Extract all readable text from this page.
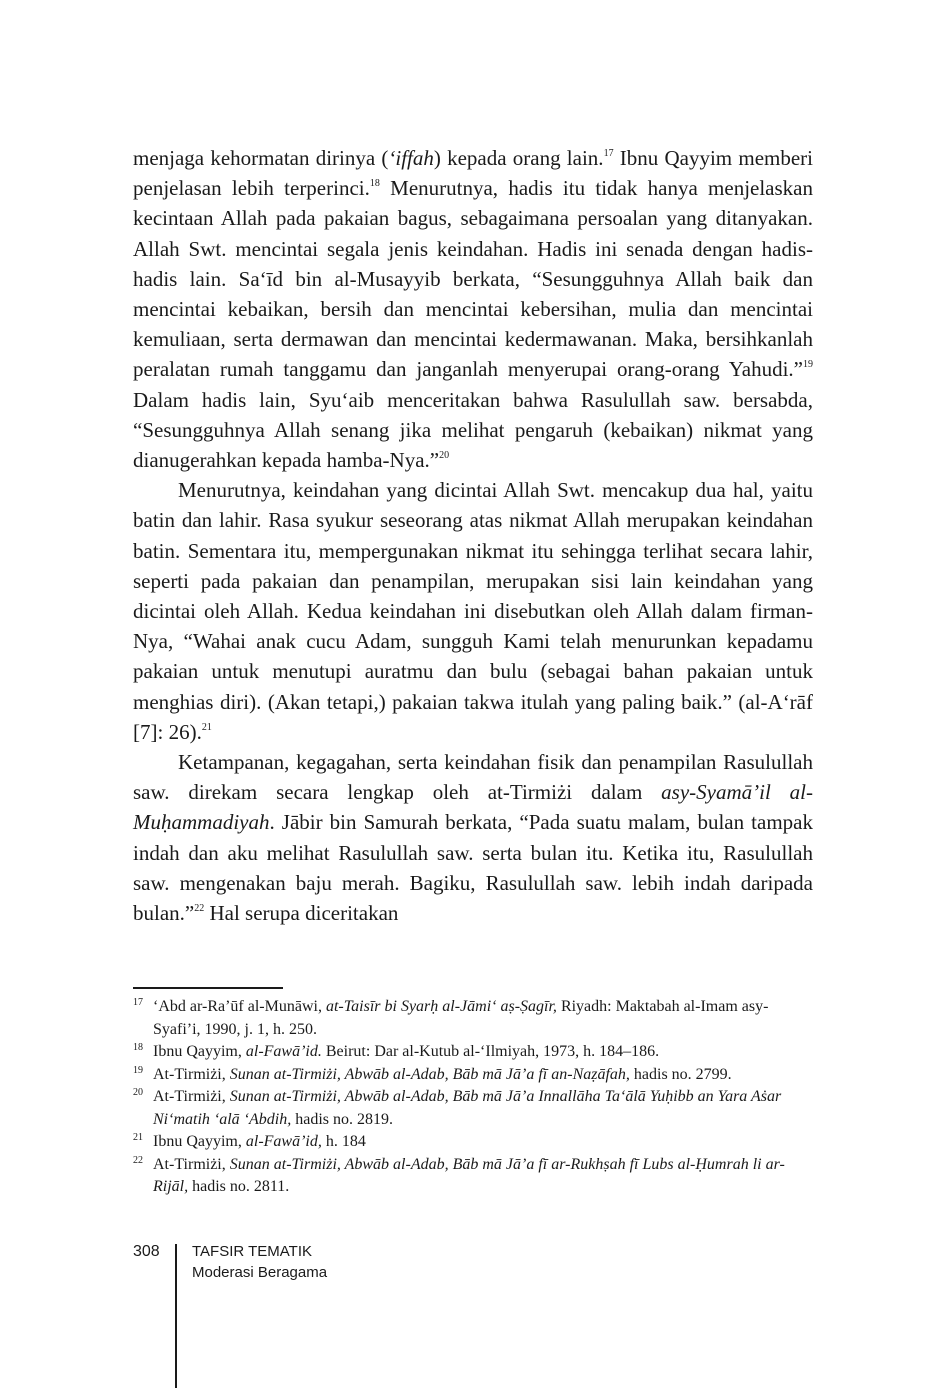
menjaga kehormatan dirinya (‘iffah) kepada orang lain.$^{17}$ Ibnu Qayyim memberi penjelasan lebih terperinci.$^{18}$ Menurutnya, hadis itu tidak hanya menjelaskan kecintaan Allah pada pakaian bagus, sebagaimana persoalan yang ditanyakan. Allah Swt. mencintai segala jenis keindahan. Hadis ini senada dengan hadis-hadis lain. Sa‘īd bin al-Musayyib berkata, “Sesungguhnya Allah baik dan mencintai kebaikan, bersih dan mencintai kebersihan, mulia dan mencintai kemuliaan, serta dermawan dan mencintai kedermawanan. Maka, bersihkanlah peralatan rumah tanggamu dan janganlah menyerupai orang-orang Yahudi.”$^{19}$ Dalam hadis lain, Syu‘aib menceritakan bahwa Rasulullah saw. bersabda, “Sesungguhnya Allah senang jika melihat pengaruh (kebaikan) nikmat yang dianugerahkan kepada hamba-Nya.”$^{20}$

Menurutnya, keindahan yang dicintai Allah Swt. mencakup dua hal, yaitu batin dan lahir. Rasa syukur seseorang atas nikmat Allah merupakan keindahan batin. Sementara itu, mempergunakan nikmat itu sehingga terlihat secara lahir, seperti pada pakaian dan penampilan, merupakan sisi lain keindahan yang dicintai oleh Allah. Kedua keindahan ini disebutkan oleh Allah dalam firman-Nya, “Wahai anak cucu Adam, sungguh Kami telah menurunkan kepadamu pakaian untuk menutupi auratmu dan bulu (sebagai bahan pakaian untuk menghias diri). (Akan tetapi,) pakaian takwa itulah yang paling baik.” (al-A‘rāf [7]: 26).$^{21}$

Ketampanan, kegagahan, serta keindahan fisik dan penampilan Rasulullah saw. direkam secara lengkap oleh at-Tirmiżi dalam asy-Syamā’il al-Muḥammadiyah. Jābir bin Samurah berkata, “Pada suatu malam, bulan tampak indah dan aku melihat Rasulullah saw. serta bulan itu. Ketika itu, Rasulullah saw. mengenakan baju merah. Bagiku, Rasulullah saw. lebih indah daripada bulan.”$^{22}$ Hal serupa diceritakan

17 ‘Abd ar-Ra’ūf al-Munāwi, at-Taisīr bi Syarḥ al-Jāmi‘ aṣ-Ṣagīr, Riyadh: Maktabah al-Imam asy-Syafi’i, 1990, j. 1, h. 250.
18 Ibnu Qayyim, al-Fawā’id. Beirut: Dar al-Kutub al-‘Ilmiyah, 1973, h. 184–186.
19 At-Tirmiżi, Sunan at-Tirmiżi, Abwāb al-Adab, Bāb mā Jā’a fī an-Naẓāfah, hadis no. 2799.
20 At-Tirmiżi, Sunan at-Tirmiżi, Abwāb al-Adab, Bāb mā Jā’a Innallāha Ta‘ālā Yuḥibb an Yara Aṡar Ni‘matih ‘alā ‘Abdih, hadis no. 2819.
21 Ibnu Qayyim, al-Fawā’id, h. 184
22 At-Tirmiżi, Sunan at-Tirmiżi, Abwāb al-Adab, Bāb mā Jā’a fī ar-Rukhṣah fī Lubs al-Ḥumrah li ar-Rijāl, hadis no. 2811.
308 TAFSIR TEMATIK
Moderasi Beragama
